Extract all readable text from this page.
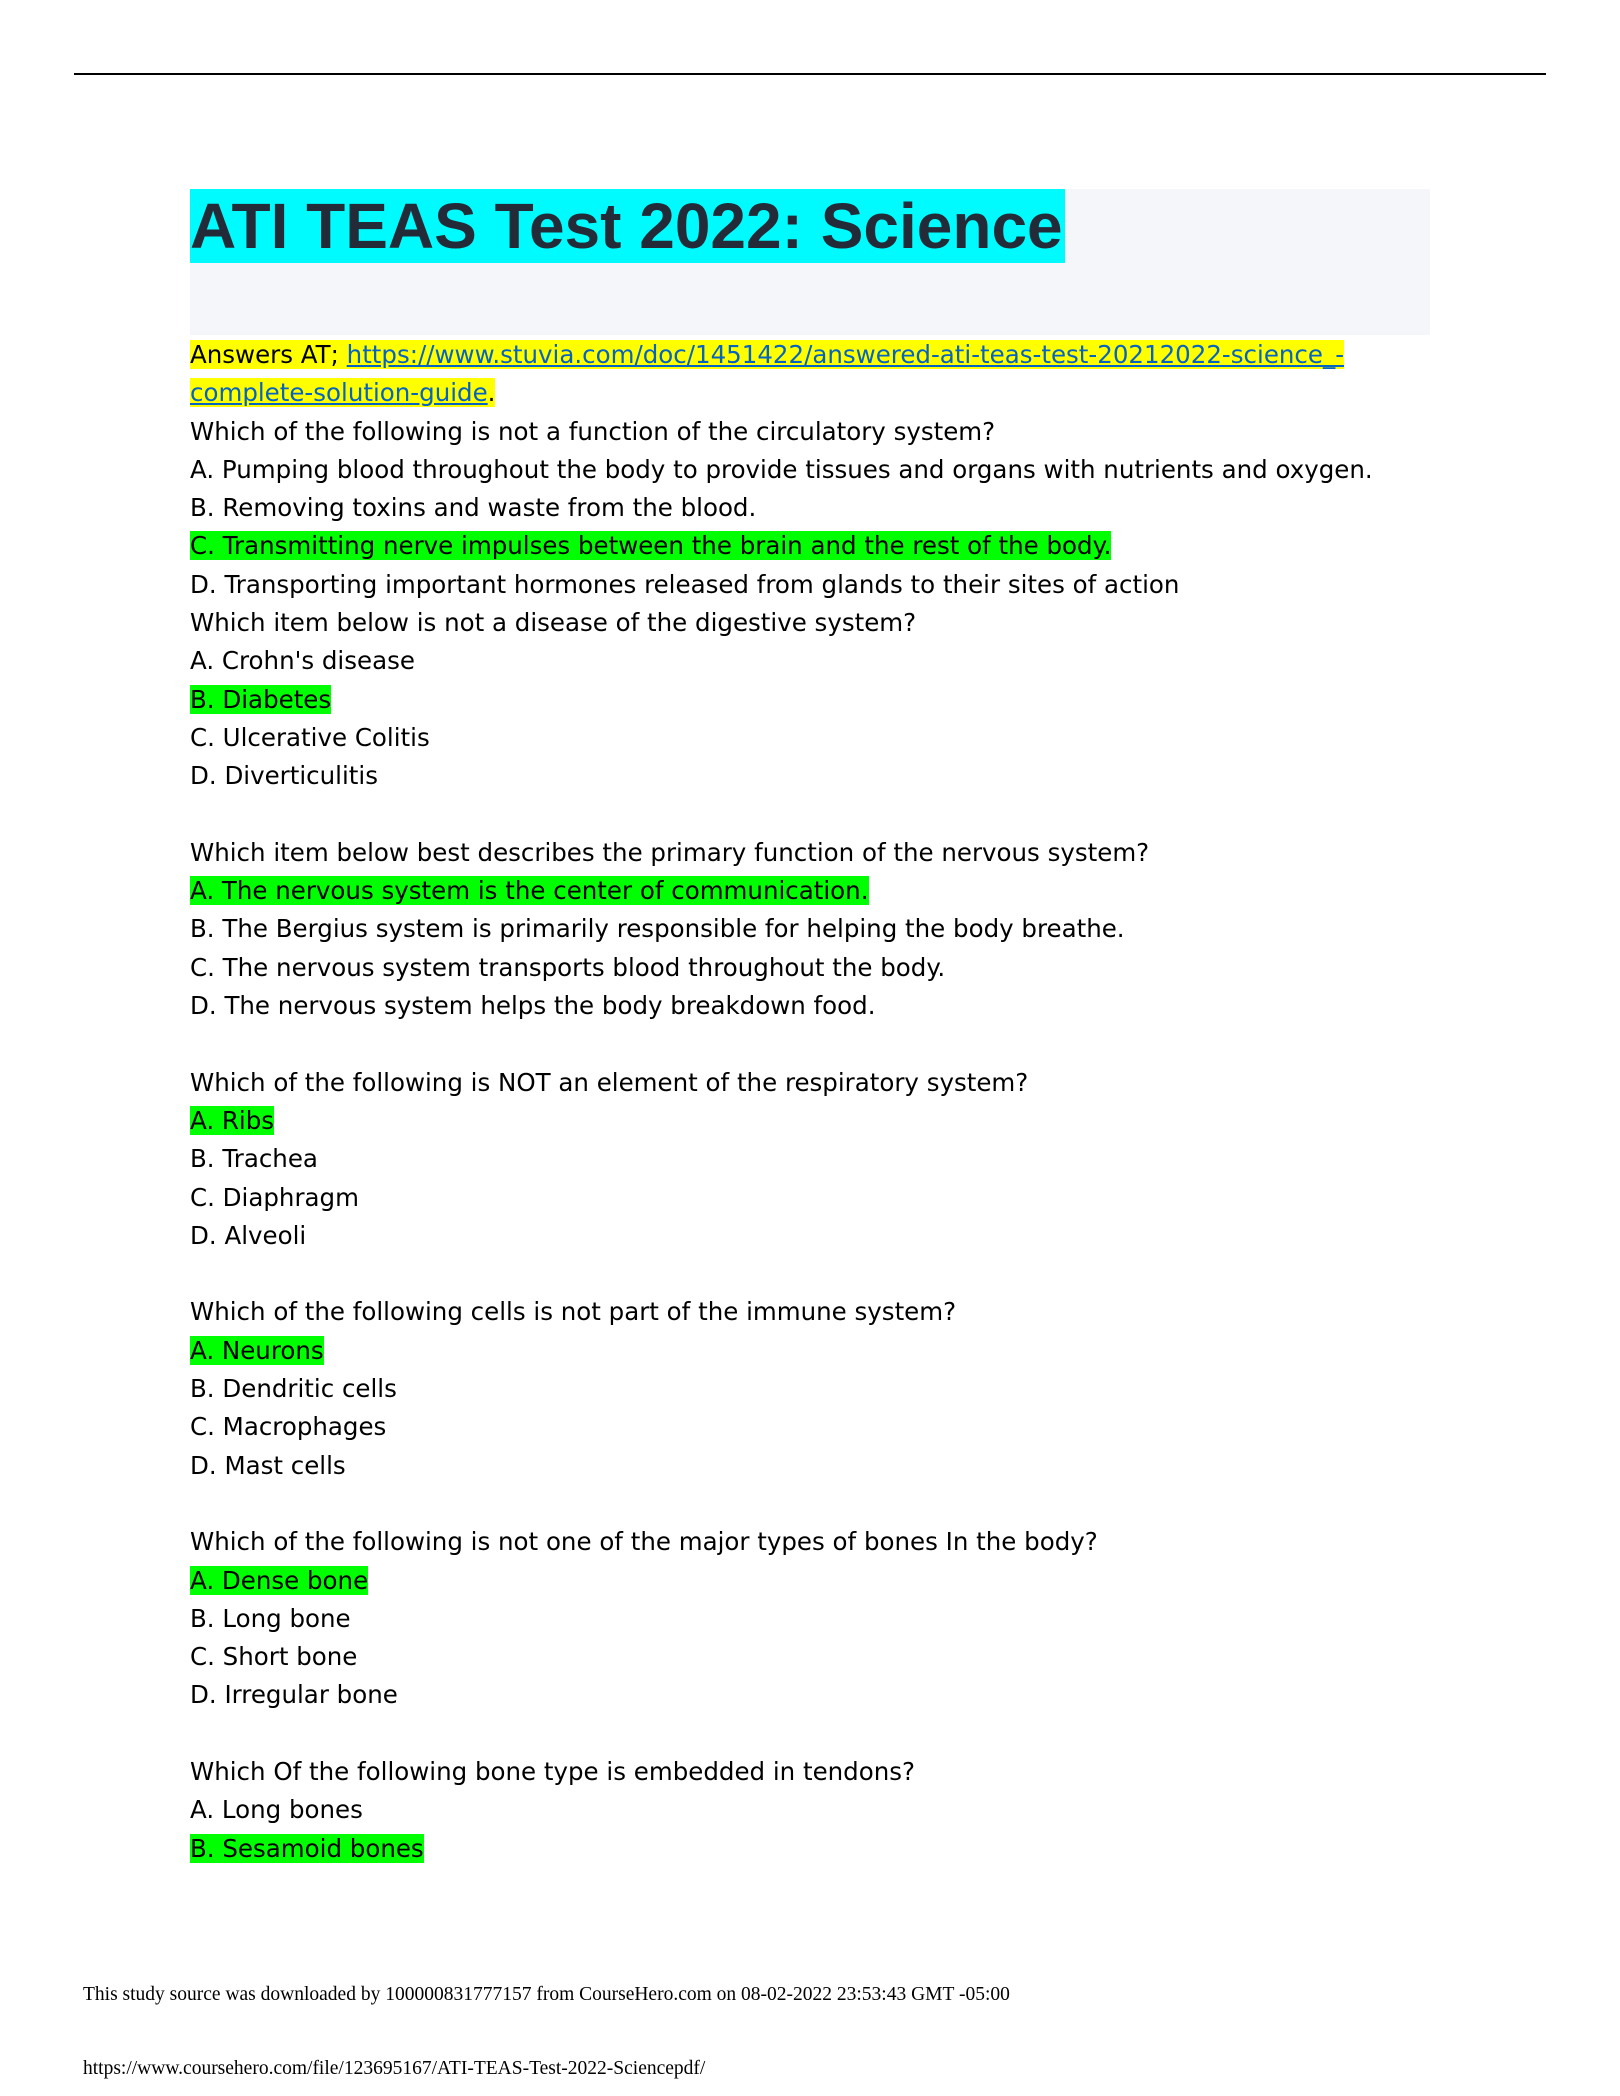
ATI TEAS Test 2022: Science
Answers AT; https://www.stuvia.com/doc/1451422/answered-ati-teas-test-20212022-science_-
complete-solution-guide.
Which of the following is not a function of the circulatory system?
A. Pumping blood throughout the body to provide tissues and organs with nutrients and oxygen.
B. Removing toxins and waste from the blood.
C. Transmitting nerve impulses between the brain and the rest of the body.
D. Transporting important hormones released from glands to their sites of action
Which item below is not a disease of the digestive system?
A. Crohn's disease
B. Diabetes
C. Ulcerative Colitis
D. Diverticulitis
Which item below best describes the primary function of the nervous system?
A. The nervous system is the center of communication.
B. The Bergius system is primarily responsible for helping the body breathe.
C. The nervous system transports blood throughout the body.
D. The nervous system helps the body breakdown food.
Which of the following is NOT an element of the respiratory system?
A. Ribs
B. Trachea
C. Diaphragm
D. Alveoli
Which of the following cells is not part of the immune system?
A. Neurons
B. Dendritic cells
C. Macrophages
D. Mast cells
Which of the following is not one of the major types of bones In the body?
A. Dense bone
B. Long bone
C. Short bone
D. Irregular bone
Which Of the following bone type is embedded in tendons?
A. Long bones
B. Sesamoid bones
This study source was downloaded by 100000831777157 from CourseHero.com on 08-02-2022 23:53:43 GMT -05:00
https://www.coursehero.com/file/123695167/ATI-TEAS-Test-2022-Sciencepdf/
